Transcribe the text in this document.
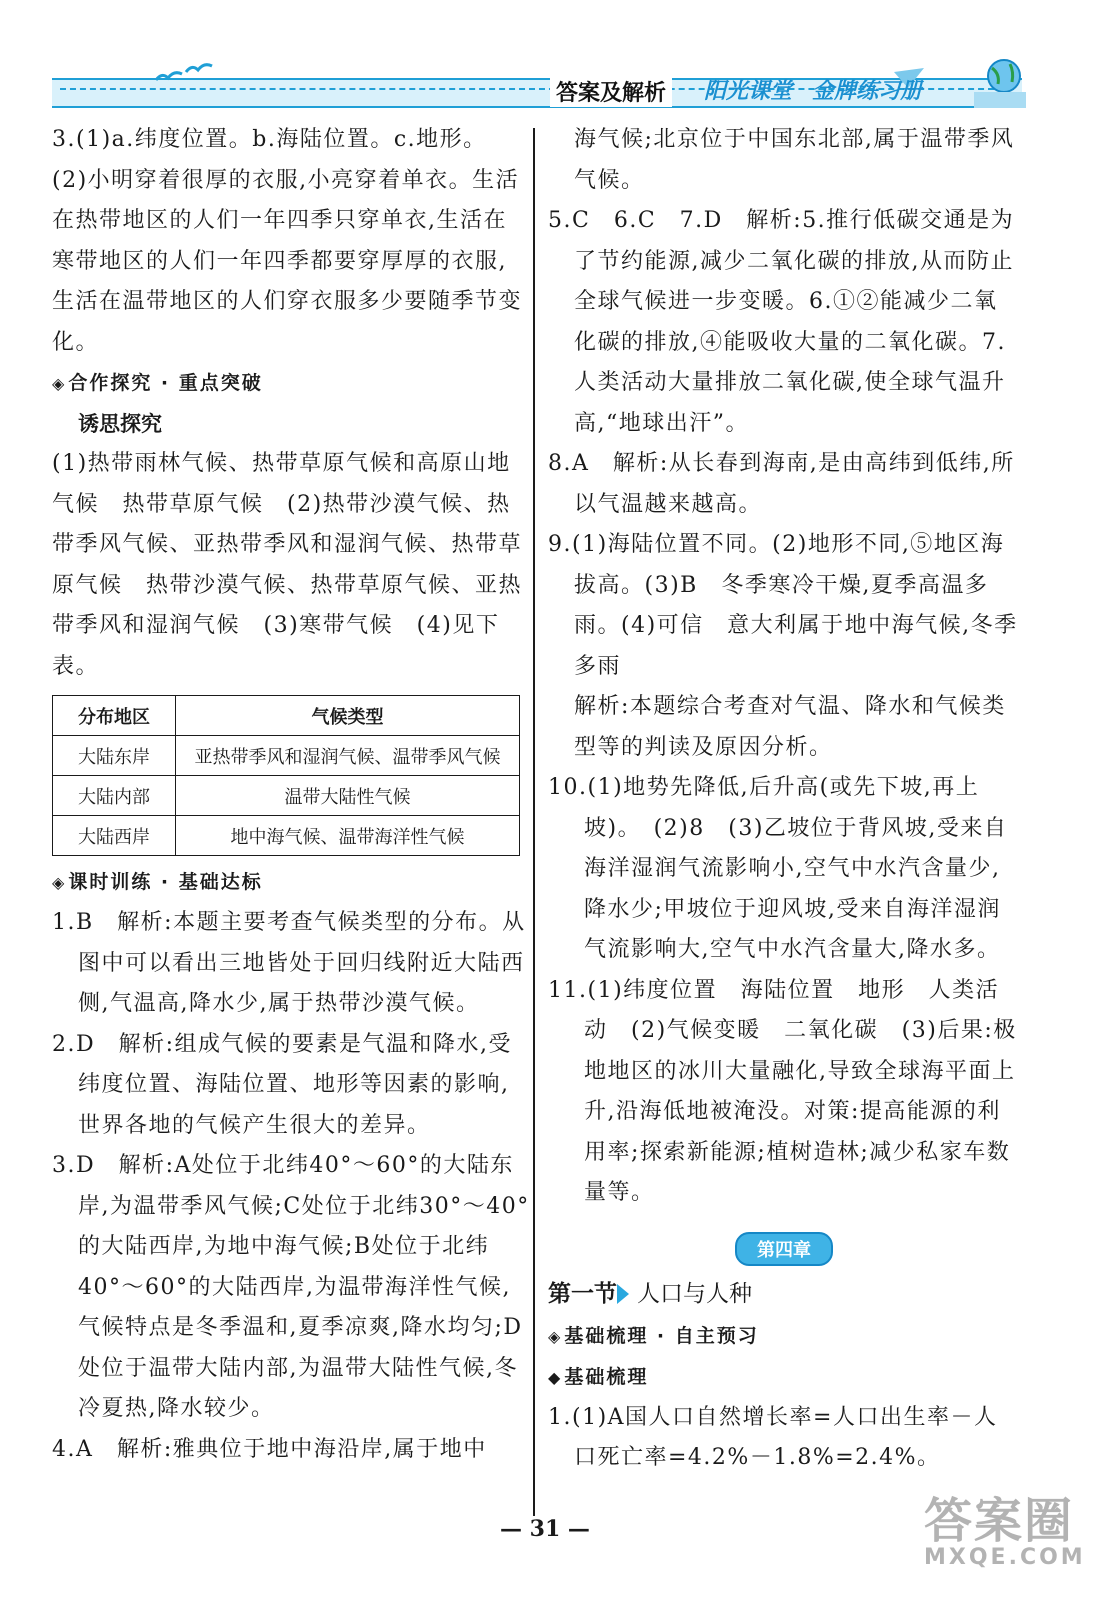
答案及解析 阳光课堂 金牌练习册

3.(1)a.纬度位置。b.海陆位置。c.地形。

(2)小明穿着很厚的衣服,小亮穿着单衣。生活在热带地区的人们一年四季只穿单衣,生活在寒带地区的人们一年四季都要穿厚厚的衣服,生活在温带地区的人们穿衣服多少要随季节变化。

◈ 合作探究 · 重点突破

诱思探究

(1)热带雨林气候、热带草原气候和高原山地气候　热带草原气候　(2)热带沙漠气候、热带季风气候、亚热带季风和湿润气候、热带草原气候　热带沙漠气候、热带草原气候、亚热带季风和湿润气候　(3)寒带气候　(4)见下表。

分布地区	气候类型
大陆东岸	亚热带季风和湿润气候、温带季风气候
大陆内部	温带大陆性气候
大陆西岸	地中海气候、温带海洋性气候

◈ 课时训练 · 基础达标

1.B　解析:本题主要考查气候类型的分布。从图中可以看出三地皆处于回归线附近大陆西侧,气温高,降水少,属于热带沙漠气候。

2.D　解析:组成气候的要素是气温和降水,受纬度位置、海陆位置、地形等因素的影响,世界各地的气候产生很大的差异。

3.D　解析:A处位于北纬40°～60°的大陆东岸,为温带季风气候;C处位于北纬30°～40°的大陆西岸,为地中海气候;B处位于北纬40°～60°的大陆西岸,为温带海洋性气候,气候特点是冬季温和,夏季凉爽,降水均匀;D处位于温带大陆内部,为温带大陆性气候,冬冷夏热,降水较少。

4.A　解析:雅典位于地中海沿岸,属于地中

海气候;北京位于中国东北部,属于温带季风气候。

5.C　6.C　7.D　解析:5.推行低碳交通是为了节约能源,减少二氧化碳的排放,从而防止全球气候进一步变暖。6.①②能减少二氧化碳的排放,④能吸收大量的二氧化碳。7.人类活动大量排放二氧化碳,使全球气温升高,“地球出汗”。

8.A　解析:从长春到海南,是由高纬到低纬,所以气温越来越高。

9.(1)海陆位置不同。(2)地形不同,⑤地区海拔高。(3)B　冬季寒冷干燥,夏季高温多雨。(4)可信　意大利属于地中海气候,冬季多雨

解析:本题综合考查对气温、降水和气候类型等的判读及原因分析。

10.(1)地势先降低,后升高(或先下坡,再上坡)。　(2)8　(3)乙坡位于背风坡,受来自海洋湿润气流影响小,空气中水汽含量少,降水少;甲坡位于迎风坡,受来自海洋湿润气流影响大,空气中水汽含量大,降水多。

11.(1)纬度位置　海陆位置　地形　人类活动　(2)气候变暖　二氧化碳　(3)后果:极地地区的冰川大量融化,导致全球海平面上升,沿海低地被淹没。对策:提高能源的利用率;探索新能源;植树造林;减少私家车数量等。

第四章

第一节 人口与人种

◈ 基础梳理 · 自主预习

◆ 基础梳理

1.(1)A国人口自然增长率=人口出生率－人口死亡率=4.2%－1.8%=2.4%。

— 31 —	答案圈
MXQE.COM
